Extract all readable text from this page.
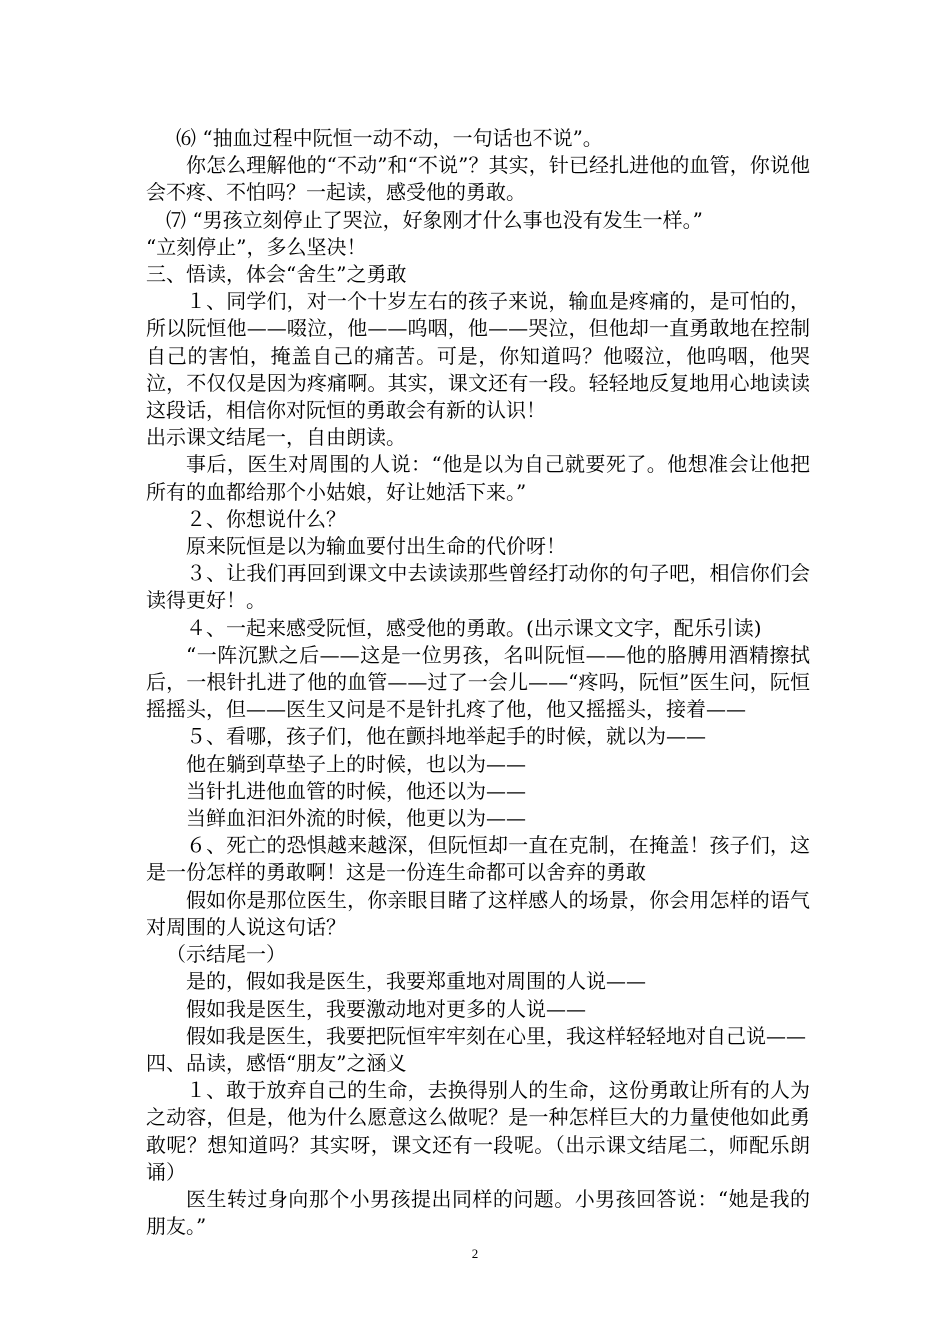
⑹ “抽血过程中阮恒一动不动，一句话也不说”。

你怎么理解他的“不动”和“不说”？其实，针已经扎进他的血管，你说他会不疼、不怕吗？一起读，感受他的勇敢。

⑺ “男孩立刻停止了哭泣，好象刚才什么事也没有发生一样。”

“立刻停止”，多么坚决！

三、悟读，体会“舍生”之勇敢

１、同学们，对一个十岁左右的孩子来说，输血是疼痛的，是可怕的，所以阮恒他——啜泣，他——呜咽，他——哭泣，但他却一直勇敢地在控制自己的害怕，掩盖自己的痛苦。可是，你知道吗？他啜泣，他呜咽，他哭泣，不仅仅是因为疼痛啊。其实，课文还有一段。轻轻地反复地用心地读读这段话，相信你对阮恒的勇敢会有新的认识！

出示课文结尾一，自由朗读。

事后，医生对周围的人说：“他是以为自己就要死了。他想准会让他把所有的血都给那个小姑娘，好让她活下来。”

２、你想说什么？

原来阮恒是以为输血要付出生命的代价呀！

３、让我们再回到课文中去读读那些曾经打动你的句子吧，相信你们会读得更好！。

４、一起来感受阮恒，感受他的勇敢。(出示课文文字，配乐引读)

“一阵沉默之后——这是一位男孩，名叫阮恒——他的胳膊用酒精擦拭后，一根针扎进了他的血管——过了一会儿——“疼吗，阮恒”医生问，阮恒摇摇头，但——医生又问是不是针扎疼了他，他又摇摇头，接着——

５、看哪，孩子们，他在颤抖地举起手的时候，就以为——

他在躺到草垫子上的时候，也以为——

当针扎进他血管的时候，他还以为——

当鲜血汩汩外流的时候，他更以为——

６、死亡的恐惧越来越深，但阮恒却一直在克制，在掩盖！孩子们，这是一份怎样的勇敢啊！这是一份连生命都可以舍弃的勇敢

假如你是那位医生，你亲眼目睹了这样感人的场景，你会用怎样的语气对周围的人说这句话？

（示结尾一）

是的，假如我是医生，我要郑重地对周围的人说——

假如我是医生，我要激动地对更多的人说——

假如我是医生，我要把阮恒牢牢刻在心里，我这样轻轻地对自己说——

四、品读，感悟“朋友”之涵义

１、敢于放弃自己的生命，去换得别人的生命，这份勇敢让所有的人为之动容，但是，他为什么愿意这么做呢？是一种怎样巨大的力量使他如此勇敢呢？想知道吗？其实呀，课文还有一段呢。（出示课文结尾二，师配乐朗诵）

医生转过身向那个小男孩提出同样的问题。小男孩回答说：“她是我的朋友。”

2
